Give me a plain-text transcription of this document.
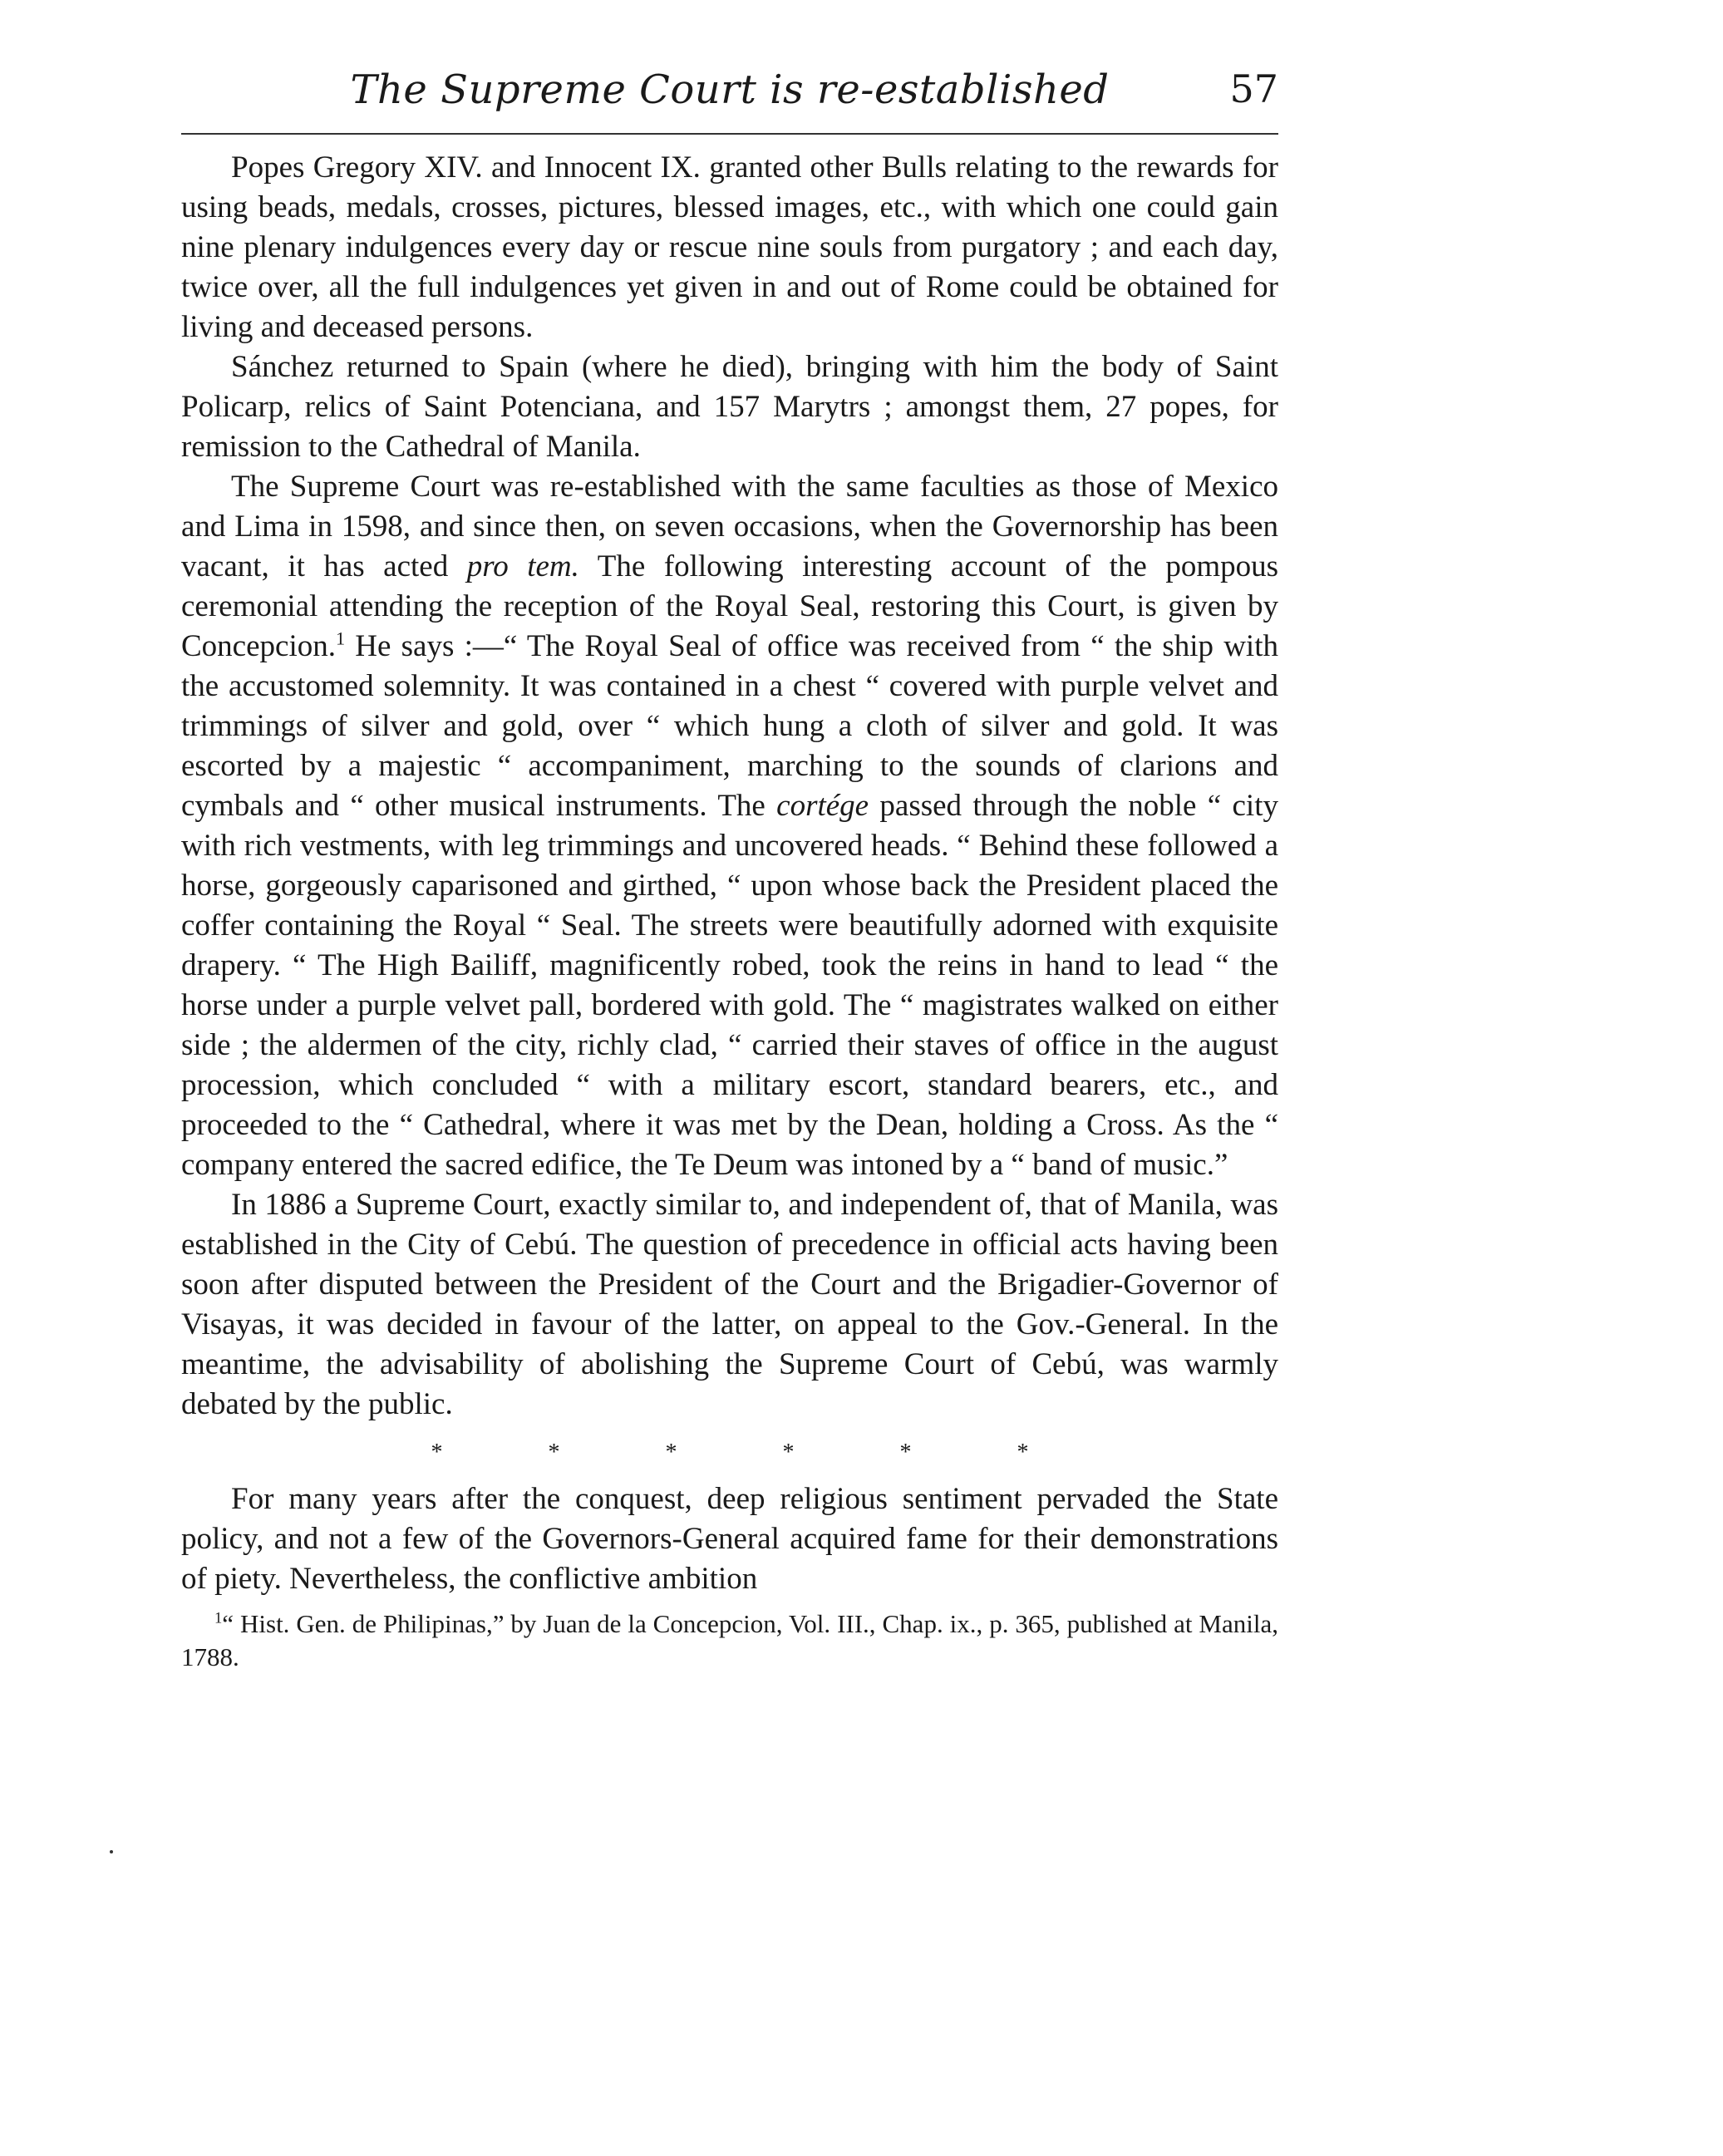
The Supreme Court is re-established	57

Popes Gregory XIV. and Innocent IX. granted other Bulls relating to the rewards for using beads, medals, crosses, pictures, blessed images, etc., with which one could gain nine plenary indulgences every day or rescue nine souls from purgatory ; and each day, twice over, all the full indulgences yet given in and out of Rome could be obtained for living and deceased persons.

Sánchez returned to Spain (where he died), bringing with him the body of Saint Policarp, relics of Saint Potenciana, and 157 Marytrs ; amongst them, 27 popes, for remission to the Cathedral of Manila.

The Supreme Court was re-established with the same faculties as those of Mexico and Lima in 1598, and since then, on seven occasions, when the Governorship has been vacant, it has acted pro tem. The following interesting account of the pompous ceremonial attending the reception of the Royal Seal, restoring this Court, is given by Concepcion.$^1$ He says :—“ The Royal Seal of office was received from “ the ship with the accustomed solemnity. It was contained in a chest “ covered with purple velvet and trimmings of silver and gold, over “ which hung a cloth of silver and gold. It was escorted by a majestic “ accompaniment, marching to the sounds of clarions and cymbals and “ other musical instruments. The cortége passed through the noble “ city with rich vestments, with leg trimmings and uncovered heads. “ Behind these followed a horse, gorgeously caparisoned and girthed, “ upon whose back the President placed the coffer containing the Royal “ Seal. The streets were beautifully adorned with exquisite drapery. “ The High Bailiff, magnificently robed, took the reins in hand to lead “ the horse under a purple velvet pall, bordered with gold. The “ magistrates walked on either side ; the aldermen of the city, richly clad, “ carried their staves of office in the august procession, which concluded “ with a military escort, standard bearers, etc., and proceeded to the “ Cathedral, where it was met by the Dean, holding a Cross. As the “ company entered the sacred edifice, the Te Deum was intoned by a “ band of music.”

In 1886 a Supreme Court, exactly similar to, and independent of, that of Manila, was established in the City of Cebú. The question of precedence in official acts having been soon after disputed between the President of the Court and the Brigadier-Governor of Visayas, it was decided in favour of the latter, on appeal to the Gov.-General. In the meantime, the advisability of abolishing the Supreme Court of Cebú, was warmly debated by the public.

* * * * * *

For many years after the conquest, deep religious sentiment pervaded the State policy, and not a few of the Governors-General acquired fame for their demonstrations of piety. Nevertheless, the conflictive ambition

$^1$“ Hist. Gen. de Philipinas,” by Juan de la Concepcion, Vol. III., Chap. ix., p. 365, published at Manila, 1788.
